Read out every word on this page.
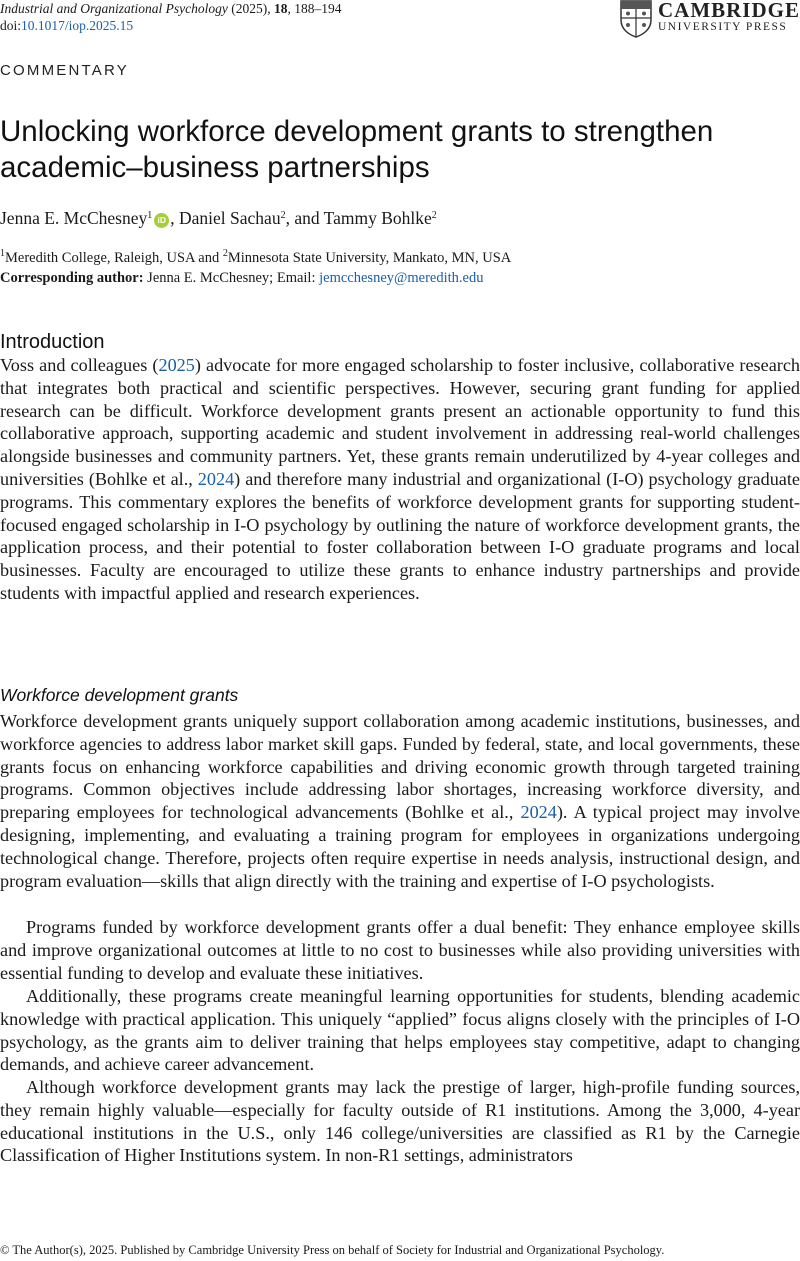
Industrial and Organizational Psychology (2025), 18, 188–194
doi:10.1017/iop.2025.15
CAMBRIDGE
UNIVERSITY PRESS
COMMENTARY
Unlocking workforce development grants to strengthen academic–business partnerships
Jenna E. McChesney$^1$ iD , Daniel Sachau$^2$, and Tammy Bohlke$^2$
$^1$Meredith College, Raleigh, USA and $^2$Minnesota State University, Mankato, MN, USA
Corresponding author: Jenna E. McChesney; Email: jemcchesney@meredith.edu
Introduction

Voss and colleagues (2025) advocate for more engaged scholarship to foster inclusive, collaborative research that integrates both practical and scientific perspectives. However, securing grant funding for applied research can be difficult. Workforce development grants present an actionable opportunity to fund this collaborative approach, supporting academic and student involvement in addressing real-world challenges alongside businesses and community partners. Yet, these grants remain underutilized by 4-year colleges and universities (Bohlke et al., 2024) and therefore many industrial and organizational (I-O) psychology graduate programs. This commentary explores the benefits of workforce development grants for supporting student-focused engaged scholarship in I-O psychology by outlining the nature of workforce development grants, the application process, and their potential to foster collaboration between I-O graduate programs and local businesses. Faculty are encouraged to utilize these grants to enhance industry partnerships and provide students with impactful applied and research experiences.

Workforce development grants

Workforce development grants uniquely support collaboration among academic institutions, businesses, and workforce agencies to address labor market skill gaps. Funded by federal, state, and local governments, these grants focus on enhancing workforce capabilities and driving economic growth through targeted training programs. Common objectives include addressing labor shortages, increasing workforce diversity, and preparing employees for technological advancements (Bohlke et al., 2024). A typical project may involve designing, implementing, and evaluating a training program for employees in organizations undergoing technological change. Therefore, projects often require expertise in needs analysis, instructional design, and program evaluation—skills that align directly with the training and expertise of I-O psychologists.

Programs funded by workforce development grants offer a dual benefit: They enhance employee skills and improve organizational outcomes at little to no cost to businesses while also providing universities with essential funding to develop and evaluate these initiatives.

Additionally, these programs create meaningful learning opportunities for students, blending academic knowledge with practical application. This uniquely “applied” focus aligns closely with the principles of I-O psychology, as the grants aim to deliver training that helps employees stay competitive, adapt to changing demands, and achieve career advancement.

Although workforce development grants may lack the prestige of larger, high-profile funding sources, they remain highly valuable—especially for faculty outside of R1 institutions. Among the 3,000, 4-year educational institutions in the U.S., only 146 college/universities are classified as R1 by the Carnegie Classification of Higher Institutions system. In non-R1 settings, administrators

© The Author(s), 2025. Published by Cambridge University Press on behalf of Society for Industrial and Organizational Psychology.
